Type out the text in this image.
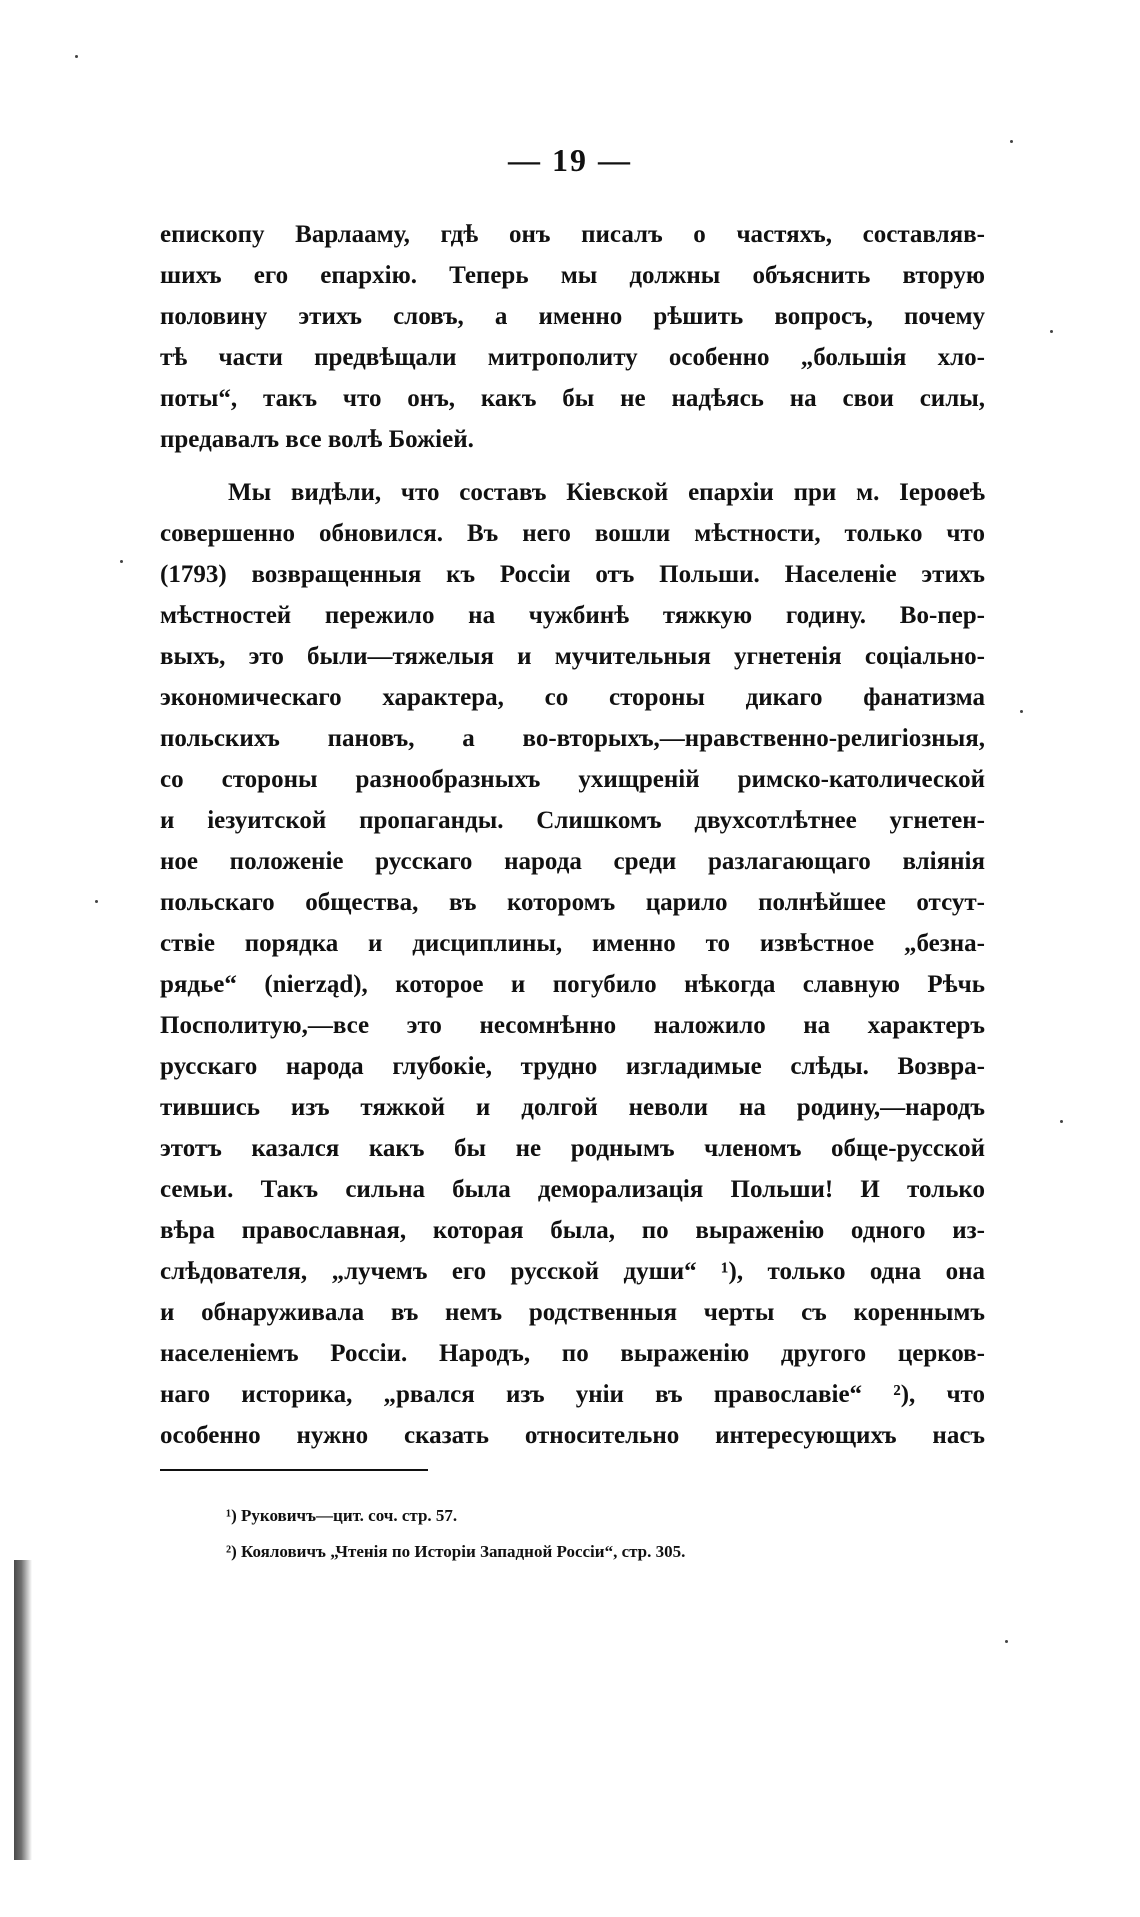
— 19 —
епископу Варлааму, гдѣ онъ писалъ о частяхъ, составляв-
шихъ его епархію. Теперь мы должны объяснить вторую
половину этихъ словъ, а именно рѣшить вопросъ, почему
тѣ части предвѣщали митрополиту особенно „большія хло-
поты“, такъ что онъ, какъ бы не надѣясь на свои силы,
предавалъ все волѣ Божіей.
Мы видѣли, что составъ Кіевской епархіи при м. Іероѳеѣ
совершенно обновился. Въ него вошли мѣстности, только что
(1793) возвращенныя къ Россіи отъ Польши. Населеніе этихъ
мѣстностей пережило на чужбинѣ тяжкую годину. Во-пер-
выхъ, это были—тяжелыя и мучительныя угнетенія соціально-
экономическаго характера, со стороны дикаго фанатизма
польскихъ пановъ, а во-вторыхъ,—нравственно-религіозныя,
со стороны разнообразныхъ ухищреній римско-католической
и іезуитской пропаганды. Слишкомъ двухсотлѣтнее угнетен-
ное положеніе русскаго народа среди разлагающаго вліянія
польскаго общества, въ которомъ царило полнѣйшее отсут-
ствіе порядка и дисциплины, именно то извѣстное „безна-
рядье“ (nierząd), которое и погубило нѣкогда славную Рѣчь
Посполитую,—все это несомнѣнно наложило на характеръ
русскаго народа глубокіе, трудно изгладимые слѣды. Возвра-
тившись изъ тяжкой и долгой неволи на родину,—народъ
этотъ казался какъ бы не роднымъ членомъ обще-русской
семьи. Такъ сильна была деморализація Польши! И только
вѣра православная, которая была, по выраженію одного из-
слѣдователя, „лучемъ его русской души“ ¹), только одна она
и обнаруживала въ немъ родственныя черты съ кореннымъ
населеніемъ Россіи. Народъ, по выраженію другого церков-
наго историка, „рвался изъ уніи въ православіе“ ²), что
особенно нужно сказать относительно интересующихъ насъ
¹) Руковичъ—цит. соч. стр. 57.
²) Кояловичъ „Чтенія по Исторіи Западной Россіи“, стр. 305.
